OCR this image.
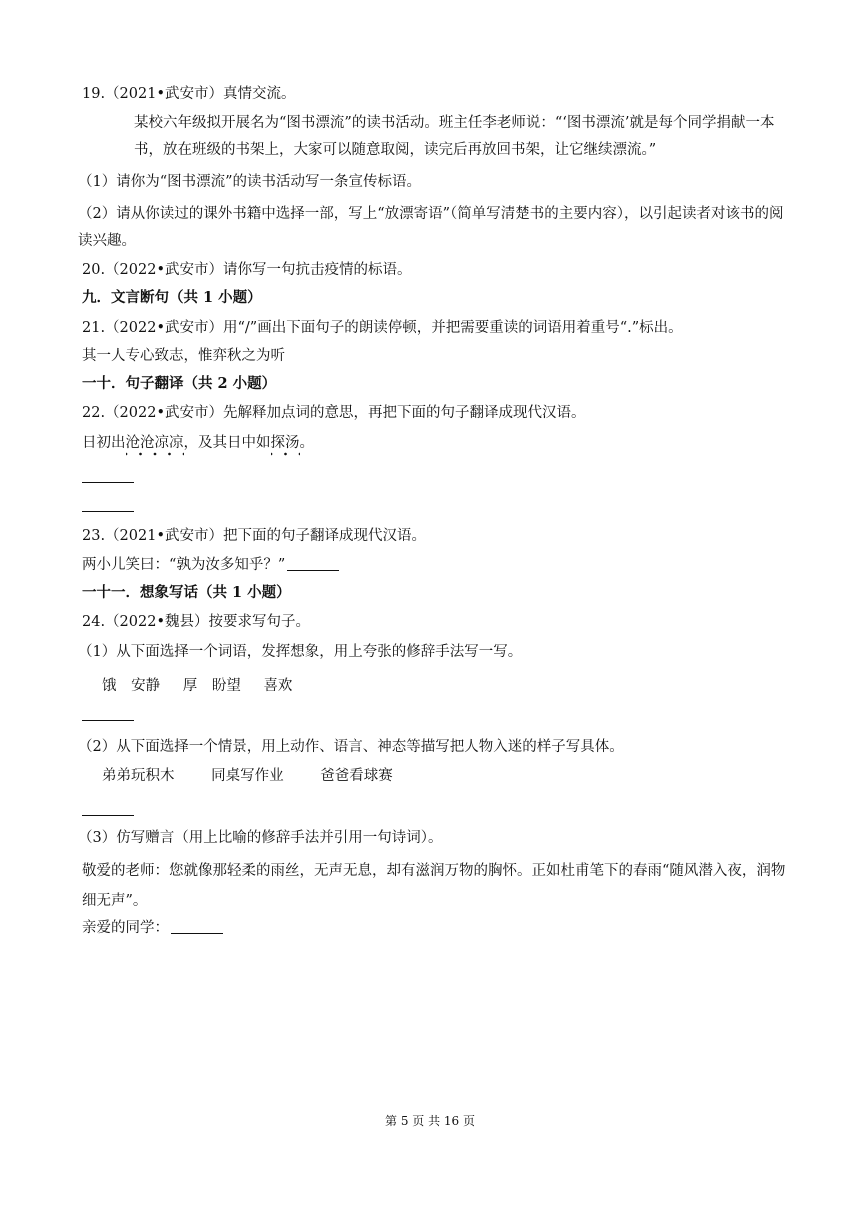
19.（2021•武安市）真情交流。
某校六年级拟开展名为“图书漂流”的读书活动。班主任李老师说：“‘图书漂流’就是每个同学捐献一本书，放在班级的书架上，大家可以随意取阅，读完后再放回书架，让它继续漂流。”
（1）请你为“图书漂流”的读书活动写一条宣传标语。
（2）请从你读过的课外书籍中选择一部，写上“放漂寄语”（简单写清楚书的主要内容），以引起读者对该书的阅读兴趣。
20.（2022•武安市）请你写一句抗击疫情的标语。
九．文言断句（共 1 小题）
21.（2022•武安市）用“/”画出下面句子的朗读停顿，并把需要重读的词语用着重号“.”标出。
其一人专心致志，惟弈秋之为听
一十．句子翻译（共 2 小题）
22.（2022•武安市）先解释加点词的意思，再把下面的句子翻译成现代汉语。
日初出沧沧凉凉，及其日中如探汤。
23.（2021•武安市）把下面的句子翻译成现代汉语。
两小儿笑曰：“孰为汝多知乎？”
一十一．想象写话（共 1 小题）
24.（2022•魏县）按要求写句子。
（1）从下面选择一个词语，发挥想象，用上夸张的修辞手法写一写。
饿 安静 厚 盼望 喜欢
（2）从下面选择一个情景，用上动作、语言、神态等描写把人物入迷的样子写具体。
弟弟玩积木	同桌写作业	爸爸看球赛
（3）仿写赠言（用上比喻的修辞手法并引用一句诗词）。
敬爱的老师：您就像那轻柔的雨丝，无声无息，却有滋润万物的胸怀。正如杜甫笔下的春雨“随风潜入夜，润物细无声”。
亲爱的同学：
第 5 页 共 16 页
